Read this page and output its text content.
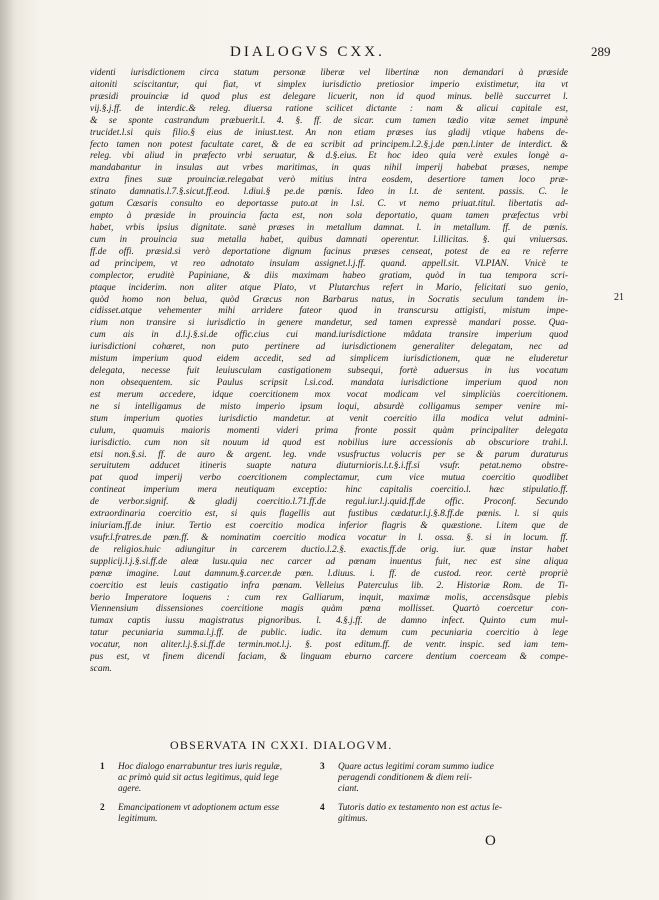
DIALOGVS CXX.	289
videnti iurisdictionem circa statum personæ liberæ vel libertinæ non demandari à præside
aitoniti sciscitantur, qui fiat, vt simplex iurisdictio pretiosior imperio existimetur, ita vt
præsidi prouinciæ id quod plus est delegare licuerit, non id quod minus. bellè succurret l.
vij.§.j.ff. de interdic.& releg. diuersa ratione scilicet dictante : nam & alicui capitale est,
& se sponte castrandum præbuerit.l. 4. §. ff. de sicar. cum tamen tædio vitæ semet impunè
trucidet.l.si quis filio.§ eius de iniust.test. An non etiam præses ius gladij vtique habens de-
fecto tamen non potest facultate caret, & de ea scribit ad principem.l.2.§.j.de pœn.l.inter de interdict. &
releg. vbi aliud in præfecto vrbi seruatur, & d.§.eius. Et hoc ideo quia verè exules longè a-
mandabantur in insulas aut vrbes maritimas, in quas nihil imperij habebat præses, nempe
extra fines suæ prouinciæ.relegabat verò mitius intra eosdem, desertiore tamen loco præ-
stinato damnatis.l.7.§.sicut.ff.eod. l.diui.§ pe.de pœnis. Ideo in l.t. de sentent. passis. C. le
gatum Cæsaris consulto eo deportasse puto.at in l.si. C. vt nemo priuat.titul. libertatis ad-
empto à præside in prouincia facta est, non sola deportatio, quam tamen præfectus vrbi
habet, vrbis ipsius dignitate. sanè præses in metallum damnat. l. in metallum. ff. de pœnis.
cum in prouincia sua metalla habet, quibus damnati operentur. l.illicitas. §. qui vniuersas.
ff.de offi. præsid.si verò deportatione dignum facinus præses censeat, potest de ea re referre
ad principem, vt reo adnotato insulam assignet.l.j.ff. quand. appell.sit. VLPIAN. Vnicè te
complector, eruditè Papiniane, & diis maximam habeo gratiam, quòd in tua tempora scri-
ptaque inciderim. non aliter atque Plato, vt Plutarchus refert in Mario, felicitati suo genio,
quòd homo non belua, quòd Græcus non Barbarus natus, in Socratis seculum tandem in-
cidisset.atque vehementer mihi arridere fateor quod in transcursu attigisti, mistum impe-
rium non transire si iurisdictio in genere mandetur, sed tamen expressè mandari posse. Qua-
cum ais in d.l.j.§.si.de offic.cius cui mand.iurisdictione mâdata transire imperium quod
iurisdictioni cohæret, non puto pertinere ad iurisdictionem generaliter delegatam, nec ad
mistum imperium quod eidem accedit, sed ad simplicem iurisdictionem, quæ ne eluderetur
delegata, necesse fuit leuiusculam castigationem subsequi, fortè aduersus in ius vocatum
non obsequentem. sic Paulus scripsit l.si.cod. mandata iurisdictione imperium quod non
est merum accedere, idque coercitionem mox vocat modicam vel simpliciùs coercitionem.
ne si intelligamus de misto imperio ipsum loqui, absurdè colligamus semper venire mi-
stum imperium quoties iurisdictio mandetur. at venit coercitio illa modica velut admini-
culum, quamuis maioris momenti videri prima fronte possit quàm principaliter delegata
iurisdictio. cum non sit nouum id quod est nobilius iure accessionis ab obscuriore trahi.l.
etsi non.§.si. ff. de auro & argent. leg. vnde vsusfructus volucris per se & parum duraturus
seruitutem adducet itineris suapte natura diuturnioris.l.t.§.i.ff.si vsufr. petat.nemo obstre-
pat quod imperij verbo coercitionem complectamur, cum vice mutua coercitio quodlibet
contineat imperium mera neutiquam exceptio: hinc capitalis coercitio.l. hæc stipulatio.ff.
de verbor.signif. & gladij coercitio.l.71.ff.de regul.iur.l.j.quid.ff.de offic. Proconf. Secundo
extraordinaria coercitio est, si quis flagellis aut fustibus cædatur.l.j.§.8.ff.de pœnis. l. si quis
iniuriam.ff.de iniur. Tertio est coercitio modica inferior flagris & quæstione. l.item que de
vsufr.l.fratres.de pœn.ff. & nominatim coercitio modica vocatur in l. ossa. §. si in locum. ff.
de religios.huic adiungitur in carcerem ductio.l.2.§. exactis.ff.de orig. iur. quæ instar habet
supplicij.l.j.§.si.ff.de aleæ lusu.quia nec carcer ad pœnam inuentus fuit, nec est sine aliqua
pœnæ imagine. l.aut damnum.§.carcer.de pœn. l.diuus. i. ff. de custod. reor. certè propriè
coercitio est leuis castigatio infra pœnam. Velleius Paterculus lib. 2. Historiæ Rom. de Ti-
berio Imperatore loquens : cum rex Galliarum, inquit, maximæ molis, accensâsque plebis
Viennensium dissensiones coercitione magis quàm pœna mollisset. Quartò coercetur con-
tumax captis iussu magistratus pignoribus. l. 4.§.j.ff. de damno infect. Quinto cum mul-
tatur pecuniaria summa.l.j.ff. de public. iudic. ita demum cum pecuniaria coercitio à lege
vocatur, non aliter.l.j.§.si.ff.de termin.mot.l.j. §. post editum.ff. de ventr. inspic. sed iam tem-
pus est, vt finem dicendi faciam, & linguam eburno carcere dentium coerceam & compe-
scam.
21
OBSERVATA IN CXXI. DIALOGVM.
1 Hoc dialogo enarrabuntur tres iuris regulæ,
ac primò quid sit actus legitimus, quid lege
agere.
2 Emancipationem vt adoptionem actum esse
legitimum.
3 Quare actus legitimi coram summo iudice
peragendi conditionem & diem reii-
ciant.
4 Tutoris datio ex testamento non est actus le-
gitimus.
O
